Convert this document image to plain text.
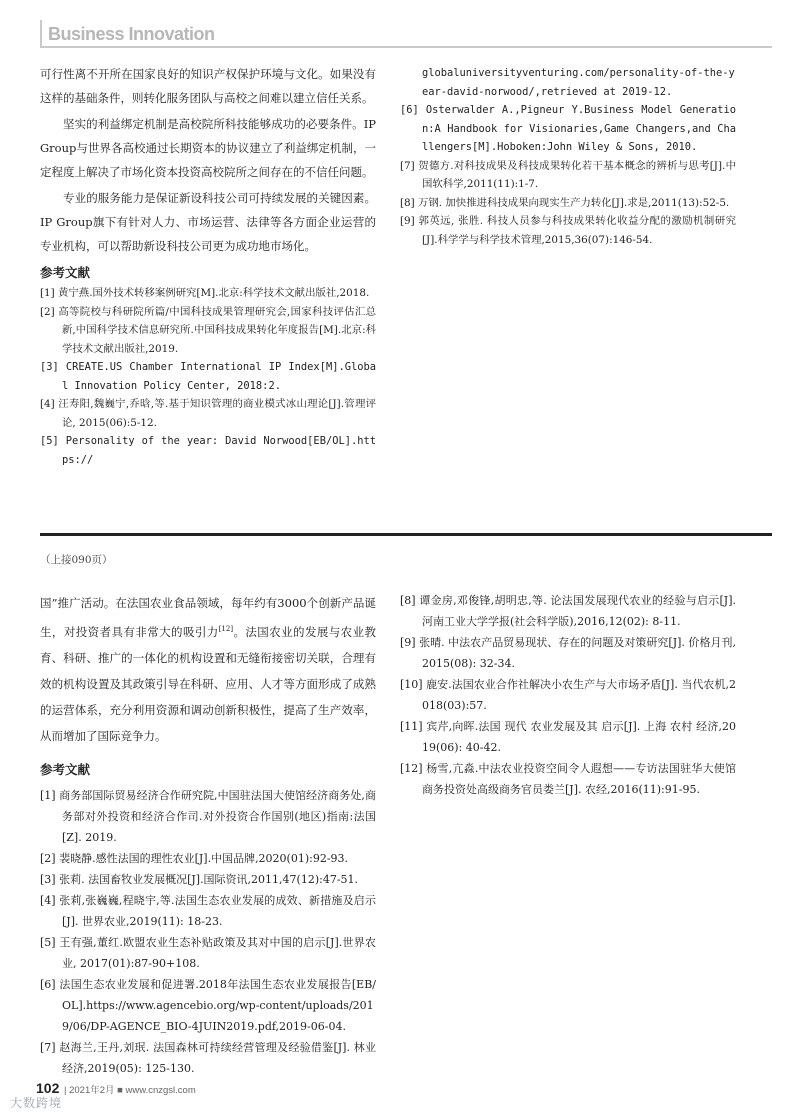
Business Innovation

可行性离不开所在国家良好的知识产权保护环境与文化。如果没有这样的基础条件，则转化服务团队与高校之间难以建立信任关系。

坚实的利益绑定机制是高校院所科技能够成功的必要条件。IP Group与世界各高校通过长期资本的协议建立了利益绑定机制，一定程度上解决了市场化资本投资高校院所之间存在的不信任问题。

专业的服务能力是保证新设科技公司可持续发展的关键因素。IP Group旗下有针对人力、市场运营、法律等各方面企业运营的专业机构，可以帮助新设科技公司更为成功地市场化。

参考文献
[1] 黄宁燕.国外技术转移案例研究[M].北京:科学技术文献出版社,2018.
[2] 高等院校与科研院所篇/中国科技成果管理研究会,国家科技评估汇总新,中国科学技术信息研究所.中国科技成果转化年度报告[M].北京:科学技术文献出版社,2019.
[3] CREATE.US Chamber International IP Index[M].Global Innovation Policy Center, 2018:2.
[4] 汪寿阳,魏巍宁,乔晗,等.基于知识管理的商业模式冰山理论[J].管理评论, 2015(06):5-12.
[5] Personality of the year: David Norwood[EB/OL].https://
globaluniversityventuring.com/personality-of-the-year-david-norwood/,retrieved at 2019-12.
[6] Osterwalder A.,Pigneur Y.Business Model Generation:A Handbook for Visionaries,Game Changers,and Challengers[M].Hoboken:John Wiley & Sons, 2010.
[7] 贺德方.对科技成果及科技成果转化若干基本概念的辨析与思考[J].中国软科学,2011(11):1-7.
[8] 万钢. 加快推进科技成果向现实生产力转化[J].求是,2011(13):52-5.
[9] 郭英远, 张胜. 科技人员参与科技成果转化收益分配的激励机制研究[J].科学学与科学技术管理,2015,36(07):146-54.
（上接090页）

国”推广活动。在法国农业食品领域，每年约有3000个创新产品诞生，对投资者具有非常大的吸引力[12]。法国农业的发展与农业教育、科研、推广的一体化的机构设置和无缝衔接密切关联，合理有效的机构设置及其政策引导在科研、应用、人才等方面形成了成熟的运营体系，充分利用资源和调动创新积极性，提高了生产效率，从而增加了国际竞争力。

参考文献
[1] 商务部国际贸易经济合作研究院,中国驻法国大使馆经济商务处,商务部对外投资和经济合作司.对外投资合作国别(地区)指南:法国[Z]. 2019.
[2] 裴晓静.感性法国的理性农业[J].中国品牌,2020(01):92-93.
[3] 张莉. 法国畜牧业发展概况[J].国际资讯,2011,47(12):47-51.
[4] 张莉,张巍巍,程晓宇,等.法国生态农业发展的成效、新措施及启示[J]. 世界农业,2019(11): 18-23.
[5] 王有强,董红.欧盟农业生态补贴政策及其对中国的启示[J].世界农业, 2017(01):87-90+108.
[6] 法国生态农业发展和促进署.2018年法国生态农业发展报告[EB/OL].https://www.agencebio.org/wp-content/uploads/2019/06/DP-AGENCE_BIO-4JUIN2019.pdf,2019-06-04.
[7] 赵海兰,王丹,刘珉. 法国森林可持续经营管理及经验借鉴[J]. 林业经济,2019(05): 125-130.
[8] 谭金房,邓俊锋,胡明忠,等. 论法国发展现代农业的经验与启示[J]. 河南工业大学学报(社会科学版),2016,12(02): 8-11.
[9] 张晴. 中法农产品贸易现状、存在的问题及对策研究[J]. 价格月刊,2015(08): 32-34.
[10] 鹿安.法国农业合作社解决小农生产与大市场矛盾[J]. 当代农机,2018(03):57.
[11] 宾芹,向晖.法国 现代 农业发展及其 启示[J]. 上海 农村 经济,2019(06): 40-42.
[12] 杨雪,亢淼.中法农业投资空间令人遐想——专访法国驻华大使馆商务投资处高级商务官员娄兰[J]. 农经,2016(11):91-95.
102 | 2021年2月 ■ www.cnzgsl.com
大数跨境
